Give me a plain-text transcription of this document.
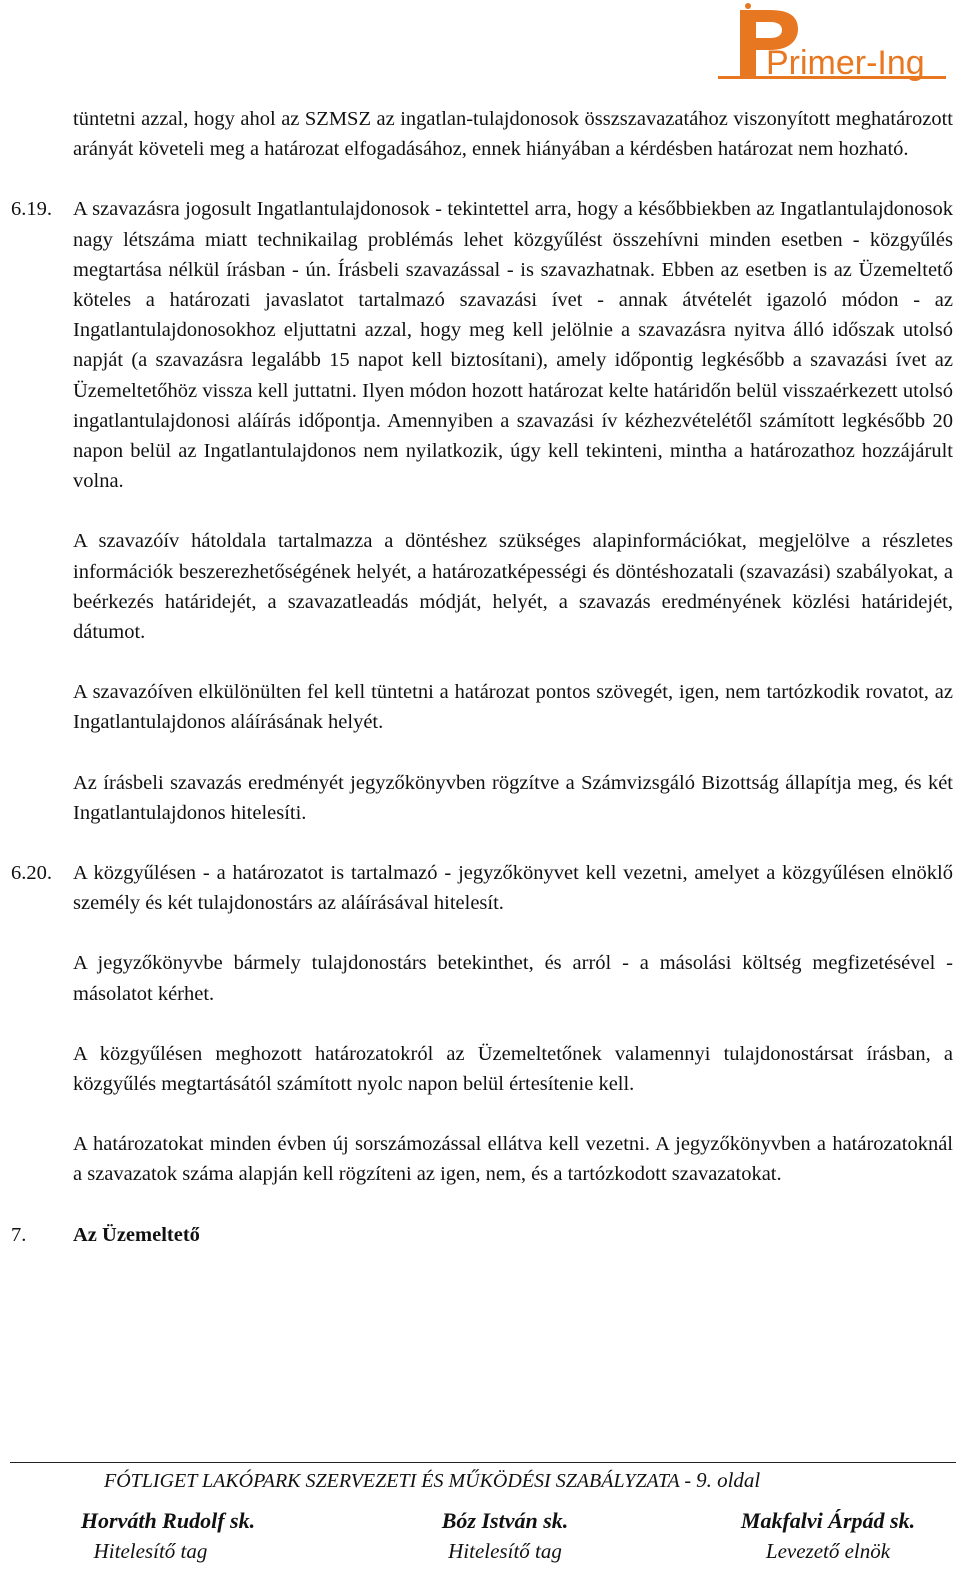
Primer-Ing
tüntetni azzal, hogy ahol az SZMSZ az ingatlan-tulajdonosok összszavazatához viszonyított meghatározott arányát követeli meg a határozat elfogadásához, ennek hiányában a kérdésben határozat nem hozható.
6.19. A szavazásra jogosult Ingatlantulajdonosok - tekintettel arra, hogy a későbbiekben az Ingatlantulajdonosok nagy létszáma miatt technikailag problémás lehet közgyűlést összehívni minden esetben - közgyűlés megtartása nélkül írásban - ún. Írásbeli szavazással - is szavazhatnak. Ebben az esetben is az Üzemeltető köteles a határozati javaslatot tartalmazó szavazási ívet - annak átvételét igazoló módon - az Ingatlantulajdonosokhoz eljuttatni azzal, hogy meg kell jelölnie a szavazásra nyitva álló időszak utolsó napját (a szavazásra legalább 15 napot kell biztosítani), amely időpontig legkésőbb a szavazási ívet az Üzemeltetőhöz vissza kell juttatni. Ilyen módon hozott határozat kelte határidőn belül visszaérkezett utolsó ingatlantulajdonosi aláírás időpontja. Amennyiben a szavazási ív kézhezvételétől számított legkésőbb 20 napon belül az Ingatlantulajdonos nem nyilatkozik, úgy kell tekinteni, mintha a határozathoz hozzájárult volna.
A szavazóív hátoldala tartalmazza a döntéshez szükséges alapinformációkat, megjelölve a részletes információk beszerezhetőségének helyét, a határozatképességi és döntéshozatali (szavazási) szabályokat, a beérkezés határidejét, a szavazatleadás módját, helyét, a szavazás eredményének közlési határidejét, dátumot.
A szavazóíven elkülönülten fel kell tüntetni a határozat pontos szövegét, igen, nem tartózkodik rovatot, az Ingatlantulajdonos aláírásának helyét.
Az írásbeli szavazás eredményét jegyzőkönyvben rögzítve a Számvizsgáló Bizottság állapítja meg, és két Ingatlantulajdonos hitelesíti.
6.20. A közgyűlésen - a határozatot is tartalmazó - jegyzőkönyvet kell vezetni, amelyet a közgyűlésen elnöklő személy és két tulajdonostárs az aláírásával hitelesít.
A jegyzőkönyvbe bármely tulajdonostárs betekinthet, és arról - a másolási költség megfizetésével - másolatot kérhet.
A közgyűlésen meghozott határozatokról az Üzemeltetőnek valamennyi tulajdonostársat írásban, a közgyűlés megtartásától számított nyolc napon belül értesítenie kell.
A határozatokat minden évben új sorszámozással ellátva kell vezetni. A jegyzőkönyvben a határozatoknál a szavazatok száma alapján kell rögzíteni az igen, nem, és a tartózkodott szavazatokat.
7. Az Üzemeltető
FÓTLIGET LAKÓPARK SZERVEZETI ÉS MŰKÖDÉSI SZABÁLYZATA - 9. oldal
Horváth Rudolf sk.
Hitelesítő tag
Bóz István sk.
Hitelesítő tag
Makfalvi Árpád sk.
Levezető elnök
